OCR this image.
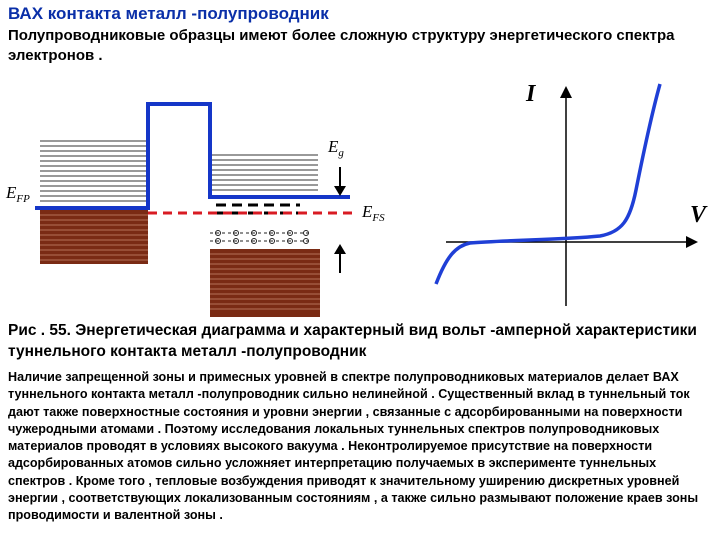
ВАХ контакта металл -полупроводник
Полупроводниковые образцы имеют более сложную структуру энергетического спектра электронов .
$E_g$
$E_{FP}$
$E_{FS}$
I
V
Рис . 55. Энергетическая диаграмма и характерный вид вольт -амперной характеристики туннельного контакта металл -полупроводник
Наличие запрещенной зоны и примесных уровней в спектре полупроводниковых материалов делает ВАХ туннельного контакта металл -полупроводник сильно нелинейной . Существенный вклад в туннельный ток дают также поверхностные состояния и уровни энергии , связанные с адсорбированными на поверхности чужеродными атомами . Поэтому исследования локальных туннельных спектров полупроводниковых материалов проводят в условиях высокого вакуума . Неконтролируемое присутствие на поверхности адсорбированных атомов сильно усложняет интерпретацию получаемых в эксперименте туннельных спектров . Кроме того , тепловые возбуждения приводят к значительному уширению дискретных уровней энергии , соответствующих локализованным состояниям , а также сильно размывают положение краев зоны проводимости и валентной зоны .
